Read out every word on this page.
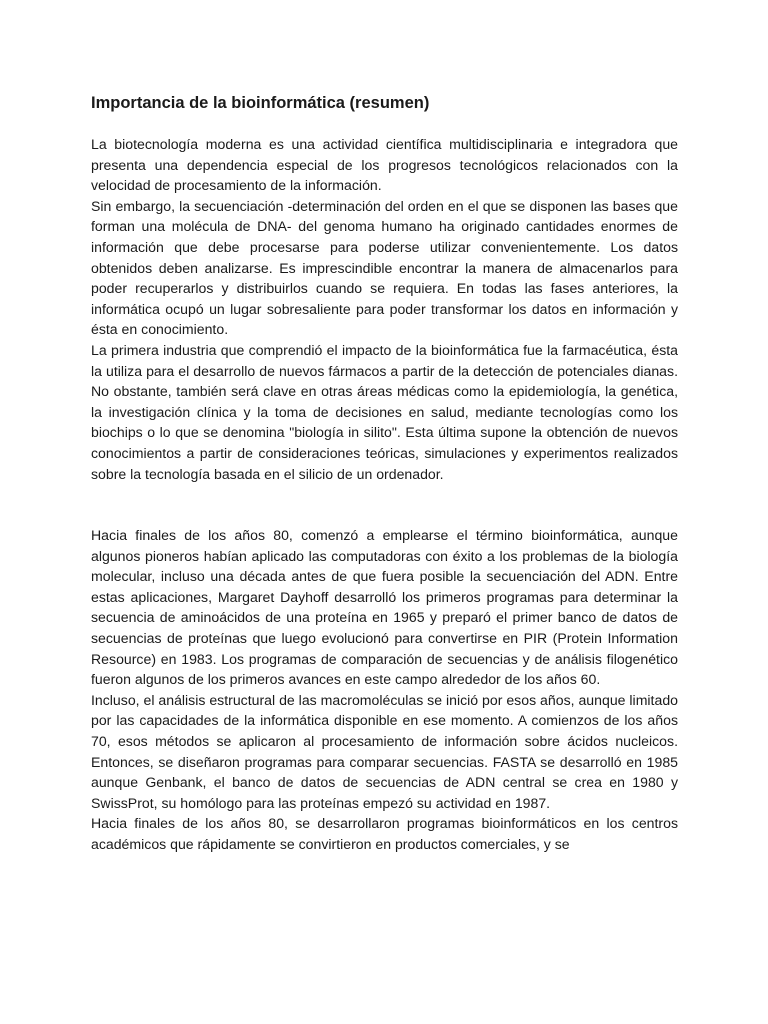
Importancia de la bioinformática (resumen)

La biotecnología moderna es una actividad científica multidisciplinaria e integradora que presenta una dependencia especial de los progresos tecnológicos relacionados con la velocidad de procesamiento de la información.

Sin embargo, la secuenciación -determinación del orden en el que se disponen las bases que forman una molécula de DNA- del genoma humano ha originado cantidades enormes de información que debe procesarse para poderse utilizar convenientemente. Los datos obtenidos deben analizarse. Es imprescindible encontrar la manera de almacenarlos para poder recuperarlos y distribuirlos cuando se requiera. En todas las fases anteriores, la informática ocupó un lugar sobresaliente para poder transformar los datos en información y ésta en conocimiento.

La primera industria que comprendió el impacto de la bioinformática fue la farmacéutica, ésta la utiliza para el desarrollo de nuevos fármacos a partir de la detección de potenciales dianas. No obstante, también será clave en otras áreas médicas como la epidemiología, la genética, la investigación clínica y la toma de decisiones en salud, mediante tecnologías como los biochips o lo que se denomina "biología in silito". Esta última supone la obtención de nuevos conocimientos a partir de consideraciones teóricas, simulaciones y experimentos realizados sobre la tecnología basada en el silicio de un ordenador.

Hacia finales de los años 80, comenzó a emplearse el término bioinformática, aunque algunos pioneros habían aplicado las computadoras con éxito a los problemas de la biología molecular, incluso una década antes de que fuera posible la secuenciación del ADN. Entre estas aplicaciones, Margaret Dayhoff desarrolló los primeros programas para determinar la secuencia de aminoácidos de una proteína en 1965 y preparó el primer banco de datos de secuencias de proteínas que luego evolucionó para convertirse en PIR (Protein Information Resource) en 1983. Los programas de comparación de secuencias y de análisis filogenético fueron algunos de los primeros avances en este campo alrededor de los años 60.

Incluso, el análisis estructural de las macromoléculas se inició por esos años, aunque limitado por las capacidades de la informática disponible en ese momento. A comienzos de los años 70, esos métodos se aplicaron al procesamiento de información sobre ácidos nucleicos. Entonces, se diseñaron programas para comparar secuencias. FASTA se desarrolló en 1985 aunque Genbank, el banco de datos de secuencias de ADN central se crea en 1980 y SwissProt, su homólogo para las proteínas empezó su actividad en 1987.

Hacia finales de los años 80, se desarrollaron programas bioinformáticos en los centros académicos que rápidamente se convirtieron en productos comerciales, y se
